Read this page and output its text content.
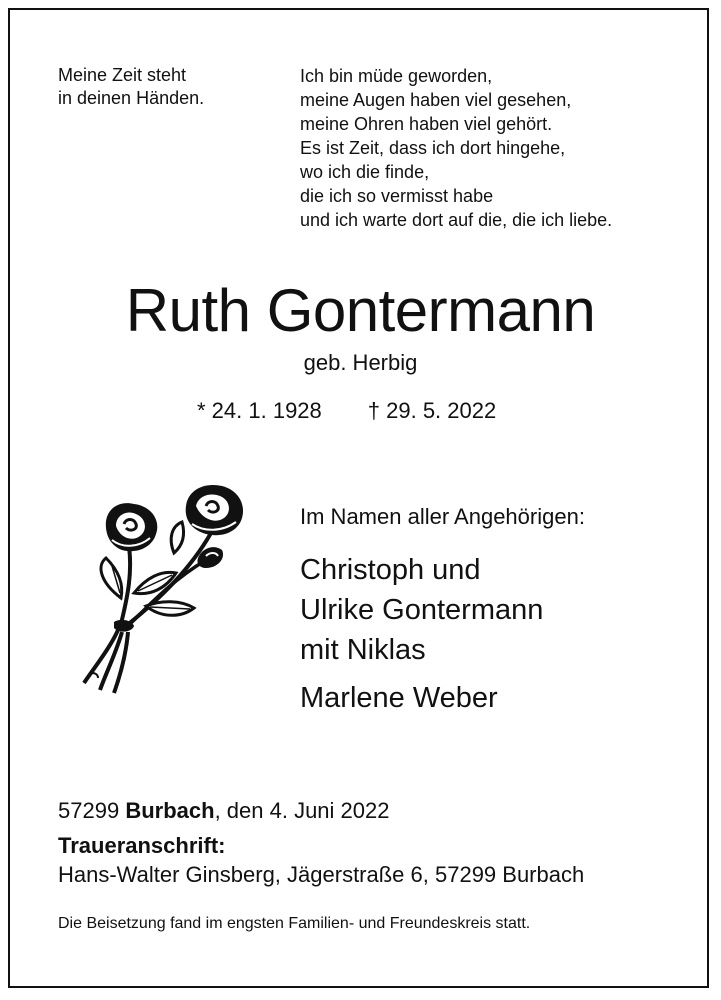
Meine Zeit steht
in deinen Händen.
Ich bin müde geworden,
meine Augen haben viel gesehen,
meine Ohren haben viel gehört.
Es ist Zeit, dass ich dort hingehe,
wo ich die finde,
die ich so vermisst habe
und ich warte dort auf die, die ich liebe.
Ruth Gontermann
geb. Herbig
* 24. 1. 1928 † 29. 5. 2022
Im Namen aller Angehörigen:
Christoph und
Ulrike Gontermann
mit Niklas
Marlene Weber
57299 Burbach, den 4. Juni 2022
Traueranschrift:
Hans-Walter Ginsberg, Jägerstraße 6, 57299 Burbach
Die Beisetzung fand im engsten Familien- und Freundeskreis statt.
